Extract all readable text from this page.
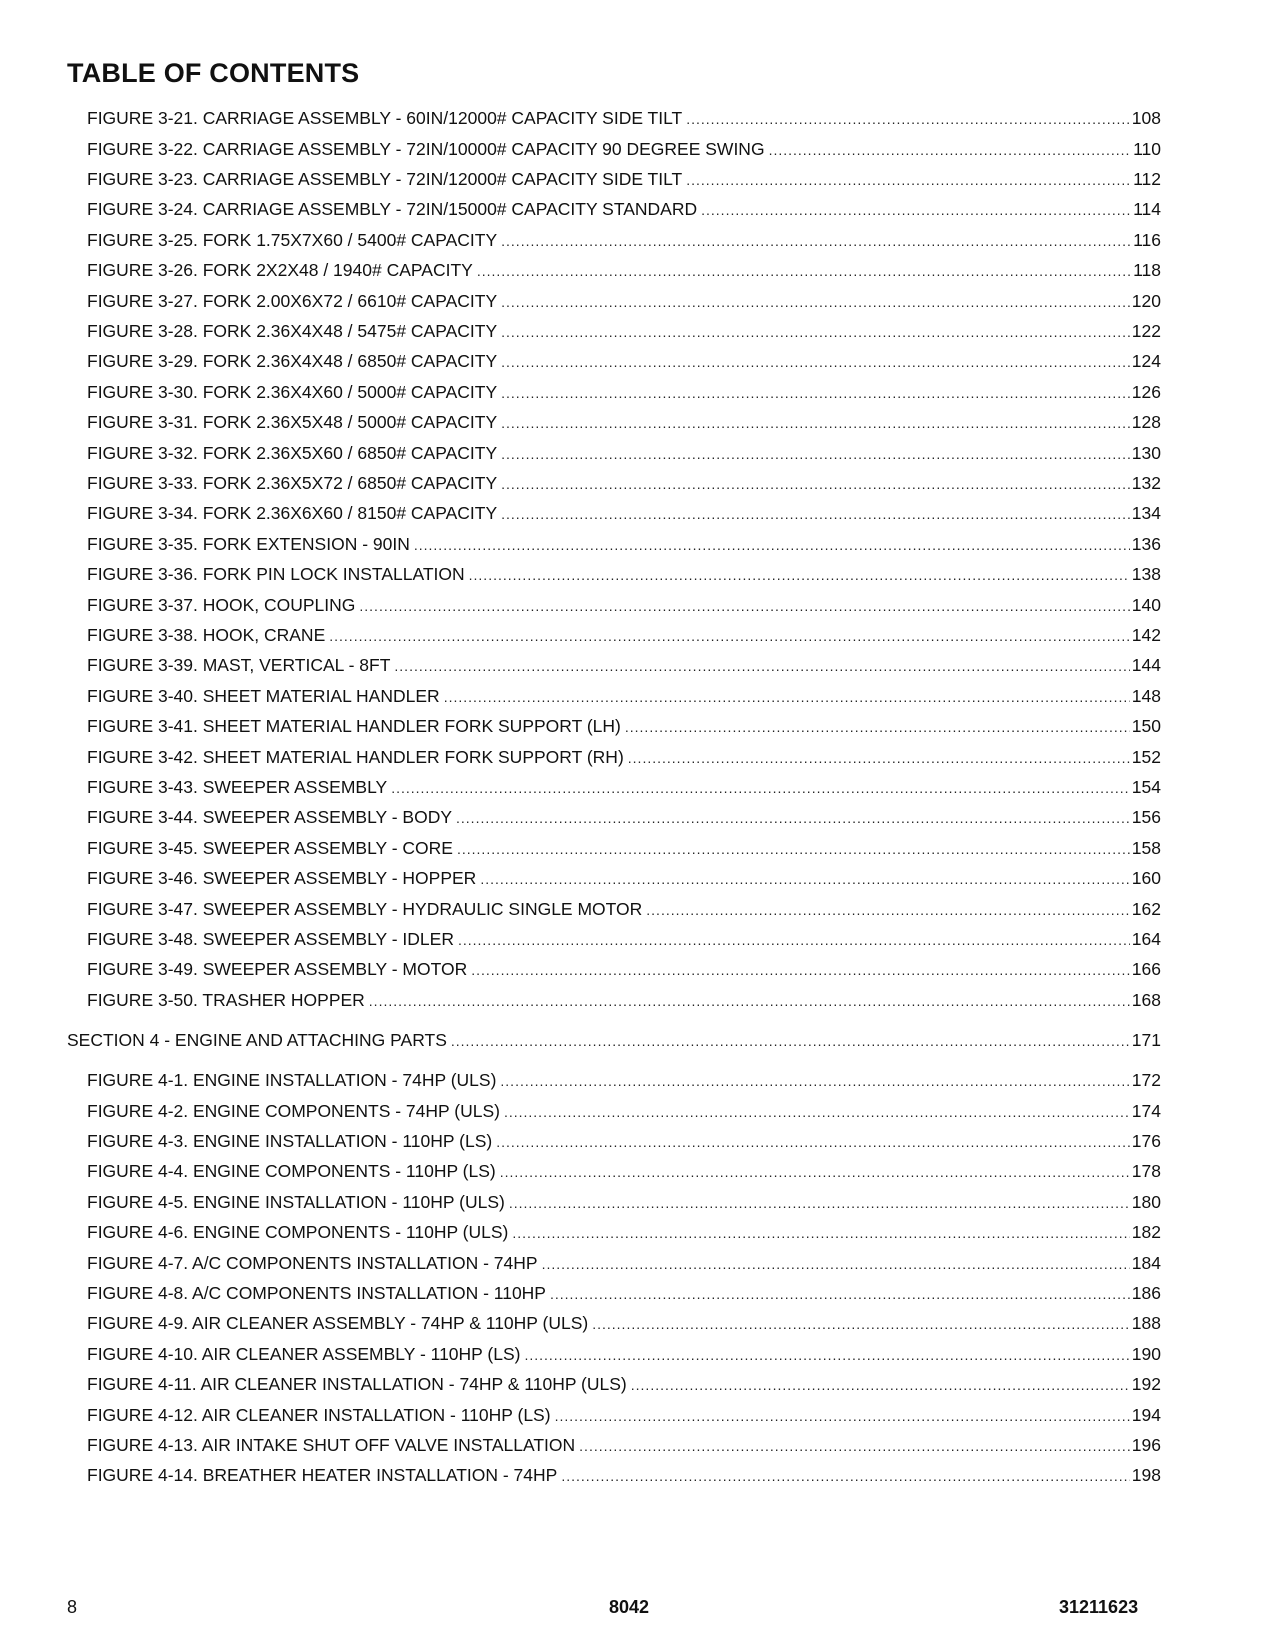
TABLE OF CONTENTS
FIGURE 3-21. CARRIAGE ASSEMBLY - 60IN/12000# CAPACITY SIDE TILT .....	108
FIGURE 3-22. CARRIAGE ASSEMBLY - 72IN/10000# CAPACITY 90 DEGREE SWING .....	110
FIGURE 3-23. CARRIAGE ASSEMBLY - 72IN/12000# CAPACITY SIDE TILT .....	112
FIGURE 3-24. CARRIAGE ASSEMBLY - 72IN/15000# CAPACITY STANDARD .....	114
FIGURE 3-25. FORK 1.75X7X60 / 5400# CAPACITY .....	116
FIGURE 3-26. FORK 2X2X48 / 1940# CAPACITY .....	118
FIGURE 3-27. FORK 2.00X6X72 / 6610# CAPACITY .....	120
FIGURE 3-28. FORK 2.36X4X48 / 5475# CAPACITY .....	122
FIGURE 3-29. FORK 2.36X4X48 / 6850# CAPACITY .....	124
FIGURE 3-30. FORK 2.36X4X60 / 5000# CAPACITY .....	126
FIGURE 3-31. FORK 2.36X5X48 / 5000# CAPACITY .....	128
FIGURE 3-32. FORK 2.36X5X60 / 6850# CAPACITY .....	130
FIGURE 3-33. FORK 2.36X5X72 / 6850# CAPACITY .....	132
FIGURE 3-34. FORK 2.36X6X60 / 8150# CAPACITY .....	134
FIGURE 3-35. FORK EXTENSION - 90IN .....	136
FIGURE 3-36. FORK PIN LOCK INSTALLATION .....	138
FIGURE 3-37. HOOK, COUPLING .....	140
FIGURE 3-38. HOOK, CRANE .....	142
FIGURE 3-39. MAST, VERTICAL - 8FT .....	144
FIGURE 3-40. SHEET MATERIAL HANDLER .....	148
FIGURE 3-41. SHEET MATERIAL HANDLER FORK SUPPORT (LH) .....	150
FIGURE 3-42. SHEET MATERIAL HANDLER FORK SUPPORT (RH) .....	152
FIGURE 3-43. SWEEPER ASSEMBLY .....	154
FIGURE 3-44. SWEEPER ASSEMBLY - BODY .....	156
FIGURE 3-45. SWEEPER ASSEMBLY - CORE .....	158
FIGURE 3-46. SWEEPER ASSEMBLY - HOPPER .....	160
FIGURE 3-47. SWEEPER ASSEMBLY - HYDRAULIC SINGLE MOTOR .....	162
FIGURE 3-48. SWEEPER ASSEMBLY - IDLER .....	164
FIGURE 3-49. SWEEPER ASSEMBLY - MOTOR .....	166
FIGURE 3-50. TRASHER HOPPER .....	168
SECTION 4 - ENGINE AND ATTACHING PARTS .....	171
FIGURE 4-1. ENGINE INSTALLATION - 74HP (ULS) .....	172
FIGURE 4-2. ENGINE COMPONENTS - 74HP (ULS) .....	174
FIGURE 4-3. ENGINE INSTALLATION - 110HP (LS) .....	176
FIGURE 4-4. ENGINE COMPONENTS - 110HP (LS) .....	178
FIGURE 4-5. ENGINE INSTALLATION - 110HP (ULS) .....	180
FIGURE 4-6. ENGINE COMPONENTS - 110HP (ULS) .....	182
FIGURE 4-7. A/C COMPONENTS INSTALLATION - 74HP .....	184
FIGURE 4-8. A/C COMPONENTS INSTALLATION - 110HP .....	186
FIGURE 4-9. AIR CLEANER ASSEMBLY - 74HP & 110HP (ULS) .....	188
FIGURE 4-10. AIR CLEANER ASSEMBLY - 110HP (LS) .....	190
FIGURE 4-11. AIR CLEANER INSTALLATION - 74HP & 110HP (ULS) .....	192
FIGURE 4-12. AIR CLEANER INSTALLATION - 110HP (LS) .....	194
FIGURE 4-13. AIR INTAKE SHUT OFF VALVE INSTALLATION .....	196
FIGURE 4-14. BREATHER HEATER INSTALLATION - 74HP .....	198
8	8042	31211623
